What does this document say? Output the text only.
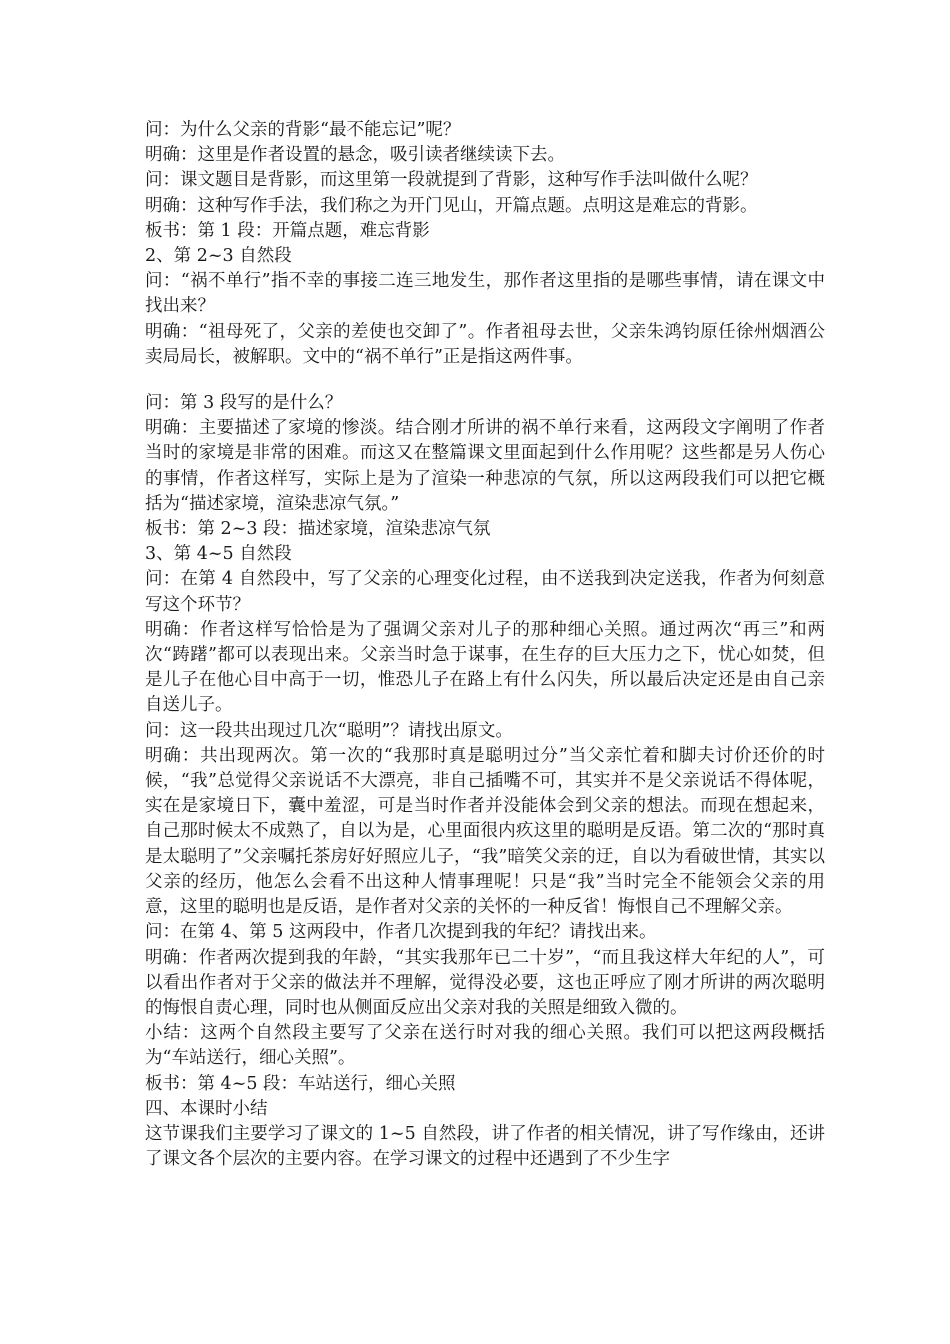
问：为什么父亲的背影“最不能忘记”呢？

明确：这里是作者设置的悬念，吸引读者继续读下去。

问：课文题目是背影，而这里第一段就提到了背影，这种写作手法叫做什么呢？

明确：这种写作手法，我们称之为开门见山，开篇点题。点明这是难忘的背影。

板书：第 1 段：开篇点题，难忘背影

2、第 2~3 自然段

问：“祸不单行”指不幸的事接二连三地发生，那作者这里指的是哪些事情，请在课文中找出来？

明确：“祖母死了，父亲的差使也交卸了”。作者祖母去世，父亲朱鸿钧原任徐州烟酒公卖局局长，被解职。文中的“祸不单行”正是指这两件事。

问：第 3 段写的是什么？

明确：主要描述了家境的惨淡。结合刚才所讲的祸不单行来看，这两段文字阐明了作者当时的家境是非常的困难。而这又在整篇课文里面起到什么作用呢？这些都是另人伤心的事情，作者这样写，实际上是为了渲染一种悲凉的气氛，所以这两段我们可以把它概括为“描述家境，渲染悲凉气氛。”

板书：第 2~3 段：描述家境，渲染悲凉气氛

3、第 4~5 自然段

问：在第 4 自然段中，写了父亲的心理变化过程，由不送我到决定送我，作者为何刻意写这个环节？

明确：作者这样写恰恰是为了强调父亲对儿子的那种细心关照。通过两次“再三”和两次“踌躇”都可以表现出来。父亲当时急于谋事，在生存的巨大压力之下，忧心如焚，但是儿子在他心目中高于一切，惟恐儿子在路上有什么闪失，所以最后决定还是由自己亲自送儿子。

问：这一段共出现过几次“聪明”？请找出原文。

明确：共出现两次。第一次的“我那时真是聪明过分”当父亲忙着和脚夫讨价还价的时候，“我”总觉得父亲说话不大漂亮，非自己插嘴不可，其实并不是父亲说话不得体呢，实在是家境日下，囊中羞涩，可是当时作者并没能体会到父亲的想法。而现在想起来，自己那时候太不成熟了，自以为是，心里面很内疚这里的聪明是反语。第二次的“那时真是太聪明了”父亲嘱托茶房好好照应儿子，“我”暗笑父亲的迂，自以为看破世情，其实以父亲的经历，他怎么会看不出这种人情事理呢！只是“我”当时完全不能领会父亲的用意，这里的聪明也是反语，是作者对父亲的关怀的一种反省！悔恨自己不理解父亲。

问：在第 4、第 5 这两段中，作者几次提到我的年纪？请找出来。

明确：作者两次提到我的年龄，“其实我那年已二十岁”，“而且我这样大年纪的人”，可以看出作者对于父亲的做法并不理解，觉得没必要，这也正呼应了刚才所讲的两次聪明的悔恨自责心理，同时也从侧面反应出父亲对我的关照是细致入微的。

小结：这两个自然段主要写了父亲在送行时对我的细心关照。我们可以把这两段概括为“车站送行，细心关照”。

板书：第 4~5 段：车站送行，细心关照

四、本课时小结

这节课我们主要学习了课文的 1~5 自然段，讲了作者的相关情况，讲了写作缘由，还讲了课文各个层次的主要内容。在学习课文的过程中还遇到了不少生字
